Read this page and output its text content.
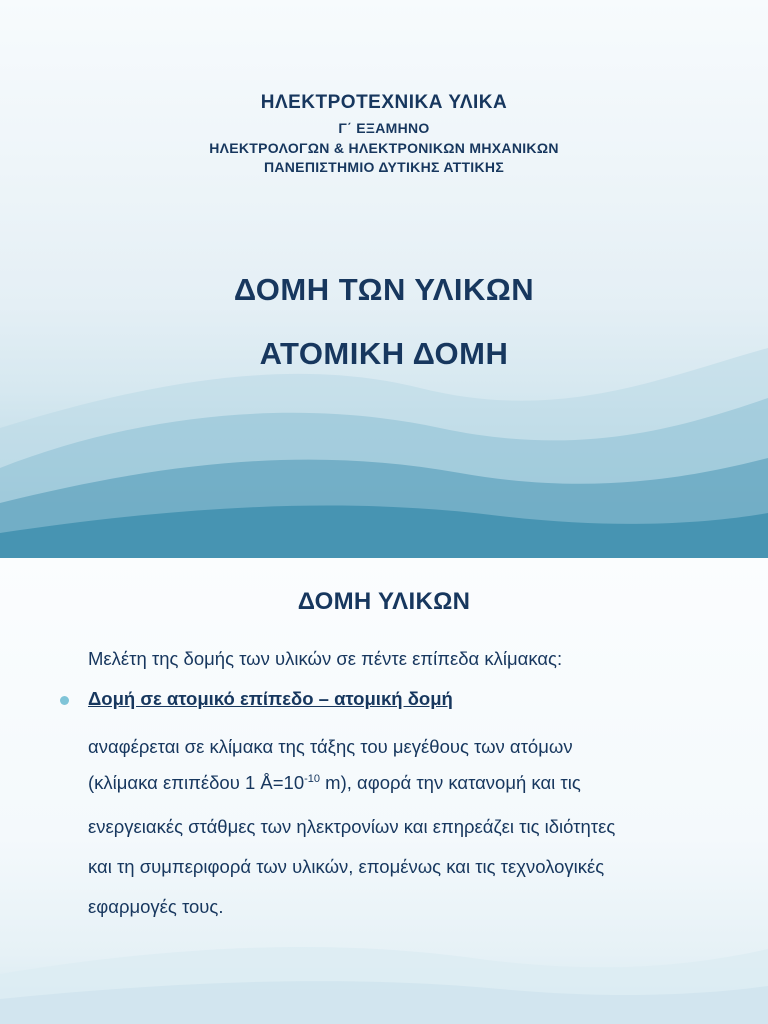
ΗΛΕΚΤΡΟΤΕΧΝΙΚΑ ΥΛΙΚΑ
Γ΄ ΕΞΑΜΗΝΟ
ΗΛΕΚΤΡΟΛΟΓΩΝ & ΗΛΕΚΤΡΟΝΙΚΩΝ ΜΗΧΑΝΙΚΩΝ
ΠΑΝΕΠΙΣΤΗΜΙΟ ΔΥΤΙΚΗΣ ΑΤΤΙΚΗΣ
ΔΟΜΗ ΤΩΝ ΥΛΙΚΩΝ
ΑΤΟΜΙΚΗ ΔΟΜΗ
ΔΟΜΗ ΥΛΙΚΩΝ
Μελέτη της δομής των υλικών σε πέντε επίπεδα κλίμακας:
Δομή σε ατομικό επίπεδο – ατομική δομή
αναφέρεται σε κλίμακα της τάξης του μεγέθους των ατόμων
(κλίμακα επιπέδου 1 $Å=10^{-10}$ m), αφορά την κατανομή και τις
ενεργειακές στάθμες των ηλεκτρονίων και επηρεάζει τις ιδιότητες
και τη συμπεριφορά των υλικών, επομένως και τις τεχνολογικές
εφαρμογές τους.
